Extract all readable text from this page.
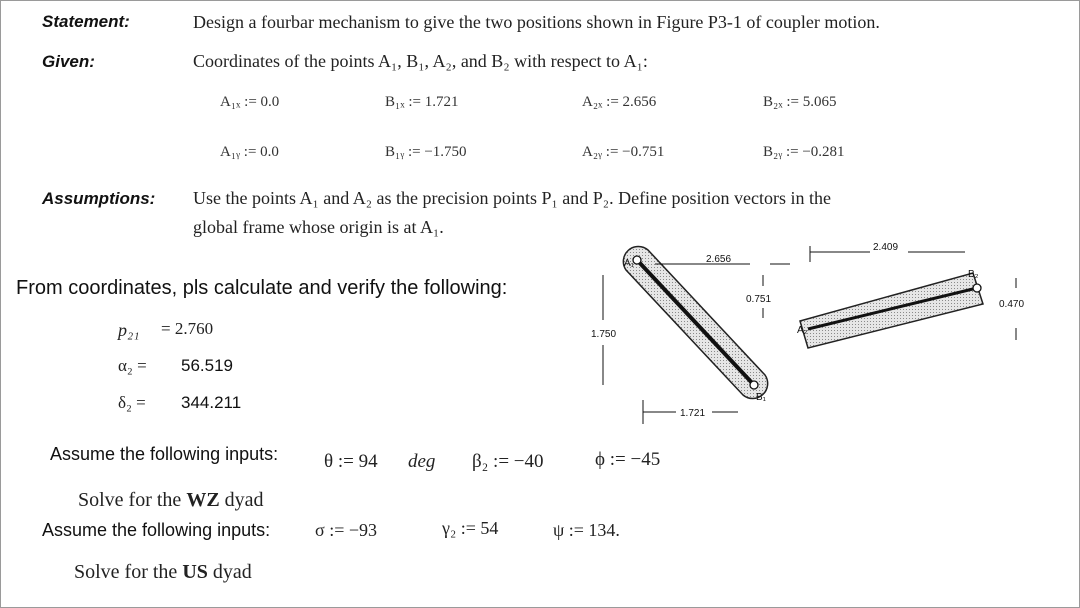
Statement:	Design a fourbar mechanism to give the two positions shown in Figure P3-1 of coupler motion.
Given:	Coordinates of the points A₁, B₁, A₂, and B₂ with respect to A₁:
A₁ₓ := 0.0	B₁ₓ := 1.721	A₂ₓ := 2.656	B₂ₓ := 5.065
A₁ᵧ := 0.0	B₁ᵧ := −1.750	A₂ᵧ := −0.751	B₂ᵧ := −0.281
Assumptions: Use the points A₁ and A₂ as the precision points P₁ and P₂. Define position vectors in the
global frame whose origin is at A₁.
From coordinates, pls calculate and verify the following:
p₂₁ = 2.760
α₂ = 56.519
δ₂ = 344.211
Assume the following inputs: θ := 94 deg β₂ := −40	ϕ := −45
Solve for the WZ dyad
Assume the following inputs: σ := −93	γ₂ := 54	ψ := 134.
Solve for the US dyad
A₁
B₁
A₂
B₂
2.656
2.409
0.751	0.470
1.750
1.721
